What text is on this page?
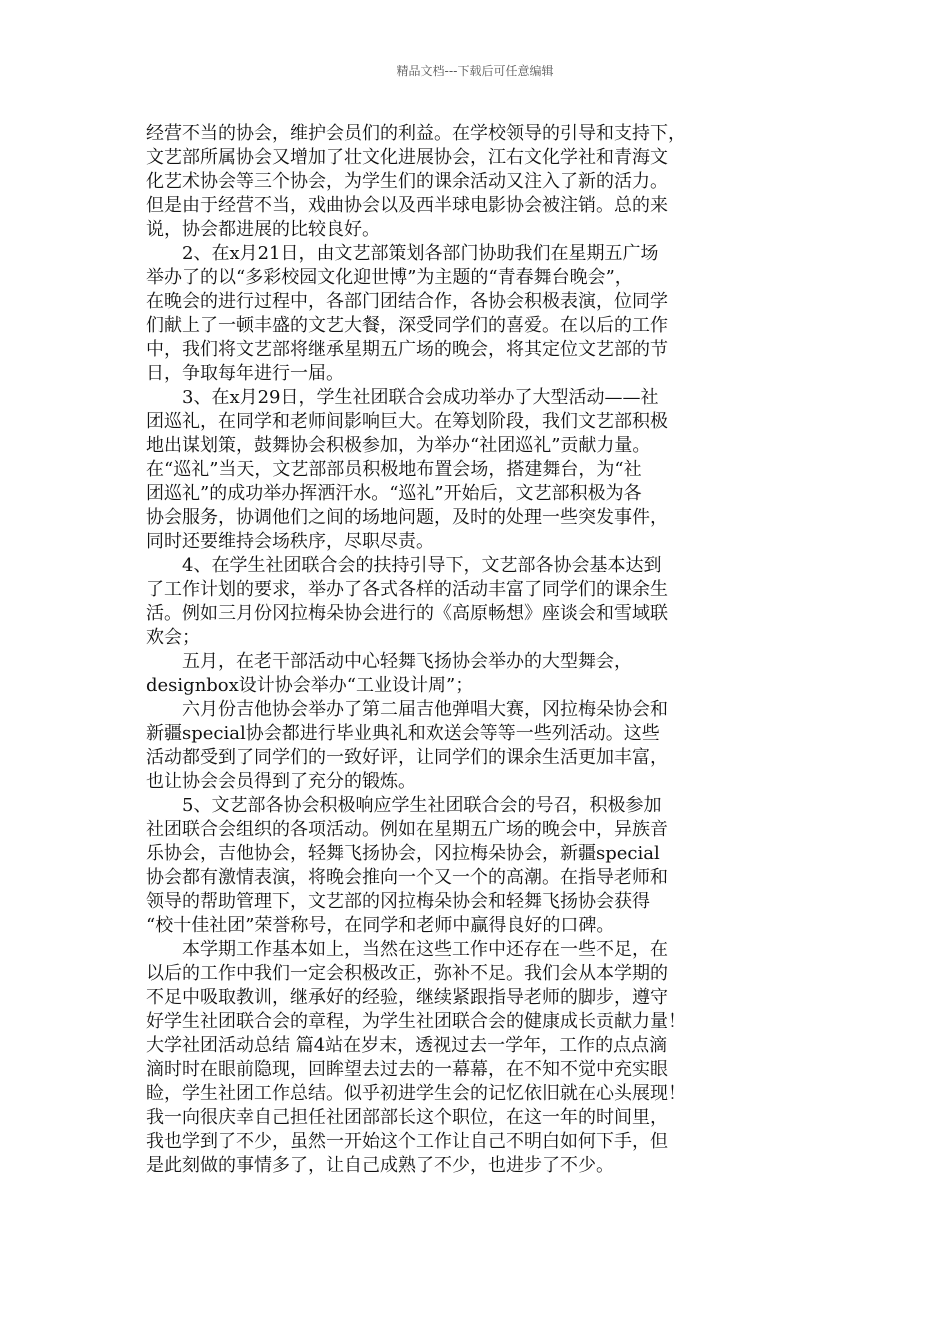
精品文档---下载后可任意编辑

经营不当的协会，维护会员们的利益。在学校领导的引导和支持下，

文艺部所属协会又增加了壮文化进展协会，江右文化学社和青海文

化艺术协会等三个协会，为学生们的课余活动又注入了新的活力。

但是由于经营不当，戏曲协会以及西半球电影协会被注销。总的来

说，协会都进展的比较良好。

　　2、在x月21日，由文艺部策划各部门协助我们在星期五广场

举办了的以“多彩校园文化迎世博”为主题的“青春舞台晚会”，

在晚会的进行过程中，各部门团结合作，各协会积极表演，位同学

们献上了一顿丰盛的文艺大餐，深受同学们的喜爱。在以后的工作

中，我们将文艺部将继承星期五广场的晚会，将其定位文艺部的节

日，争取每年进行一届。

　　3、在x月29日，学生社团联合会成功举办了大型活动——社

团巡礼，在同学和老师间影响巨大。在筹划阶段，我们文艺部积极

地出谋划策，鼓舞协会积极参加，为举办“社团巡礼”贡献力量。

在“巡礼”当天，文艺部部员积极地布置会场，搭建舞台，为“社

团巡礼”的成功举办挥洒汗水。“巡礼”开始后，文艺部积极为各

协会服务，协调他们之间的场地问题，及时的处理一些突发事件，

同时还要维持会场秩序，尽职尽责。

　　4、在学生社团联合会的扶持引导下，文艺部各协会基本达到

了工作计划的要求，举办了各式各样的活动丰富了同学们的课余生

活。例如三月份冈拉梅朵协会进行的《高原畅想》座谈会和雪域联

欢会；

　　五月，在老干部活动中心轻舞飞扬协会举办的大型舞会，

designbox设计协会举办“工业设计周”；

　　六月份吉他协会举办了第二届吉他弹唱大赛，冈拉梅朵协会和

新疆special协会都进行毕业典礼和欢送会等等一些列活动。这些

活动都受到了同学们的一致好评，让同学们的课余生活更加丰富，

也让协会会员得到了充分的锻炼。

　　5、文艺部各协会积极响应学生社团联合会的号召，积极参加

社团联合会组织的各项活动。例如在星期五广场的晚会中，异族音

乐协会，吉他协会，轻舞飞扬协会，冈拉梅朵协会，新疆special

协会都有激情表演，将晚会推向一个又一个的高潮。在指导老师和

领导的帮助管理下，文艺部的冈拉梅朵协会和轻舞飞扬协会获得

“校十佳社团”荣誉称号，在同学和老师中赢得良好的口碑。

　　本学期工作基本如上，当然在这些工作中还存在一些不足，在

以后的工作中我们一定会积极改正，弥补不足。我们会从本学期的

不足中吸取教训，继承好的经验，继续紧跟指导老师的脚步，遵守

好学生社团联合会的章程，为学生社团联合会的健康成长贡献力量！

大学社团活动总结 篇4站在岁末，透视过去一学年，工作的点点滴

滴时时在眼前隐现，回眸望去过去的一幕幕，在不知不觉中充实眼

睑，学生社团工作总结。似乎初进学生会的记忆依旧就在心头展现！

我一向很庆幸自己担任社团部部长这个职位，在这一年的时间里，

我也学到了不少，虽然一开始这个工作让自己不明白如何下手，但

是此刻做的事情多了，让自己成熟了不少，也进步了不少。
